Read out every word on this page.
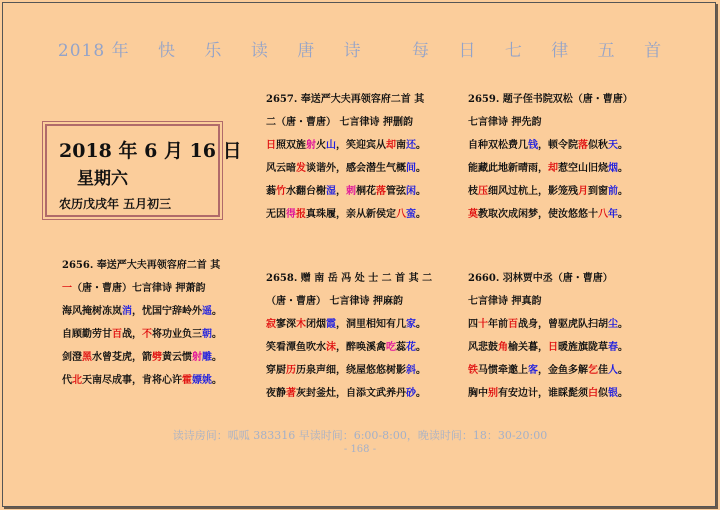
2018 年 快 乐 读 唐 诗	每 日 七 律 五 首
2018 年 6 月 16 日
星期六
农历戊戌年 五月初三
2657. 奉送严大夫再领容府二首 其
二（唐・曹唐） 七言律诗 押删韵
日照双旌射火山，笑迎宾从却南还。
风云暗发谈谐外，感会潜生气概间。
蓊竹水翻台榭湿，刺桐花落管弦闲。
无因得报真珠履，亲从新侯定八蛮。
2659. 题子侄书院双松（唐・曹唐）
七言律诗 押先韵
自种双松费几钱，顿令院落似秋天。
能藏此地新晴雨，却惹空山旧烧烟。
枝压细风过杭上，影笼残月到窗前。
莫教取次成闲梦，使汝悠悠十八年。
2656. 奉送严大夫再领容府二首 其
一（唐・曹唐）七言律诗 押萧韵
海风掩树冻岚消，忧国宁辞岭外遥。
自顾勤劳甘百战，不将功业负三朝。
剑澄黑水曾芟虎，箭劈黄云惯射雕。
代北天南尽成事，肯将心许霍嫖姚。
2658. 赠 南 岳 冯 处 士 二 首 其 二
（唐・曹唐） 七言律诗 押麻韵
寂寥深木闭烟霞，洞里相知有几家。
笑看潭鱼吹水沫，醉唤溪禽吃蕊花。
穿厨历历泉声细，绕屋悠悠树影斜。
夜静著灰封釜灶，自添文武养丹砂。
2660. 羽林贾中丞（唐・曹唐）
七言律诗 押真韵
四十年前百战身，曾驱虎队扫胡尘。
风悲鼓角榆关暮，日暖旌旗陇草春。
铁马惯牵邀上客，金鱼多解乞佳人。
胸中别有安边计，谁睬髭须白似银。
读诗房间：呱呱 383316 早读时间：6:00-8:00，晚读时间：18：30-20:00
- 168 -
